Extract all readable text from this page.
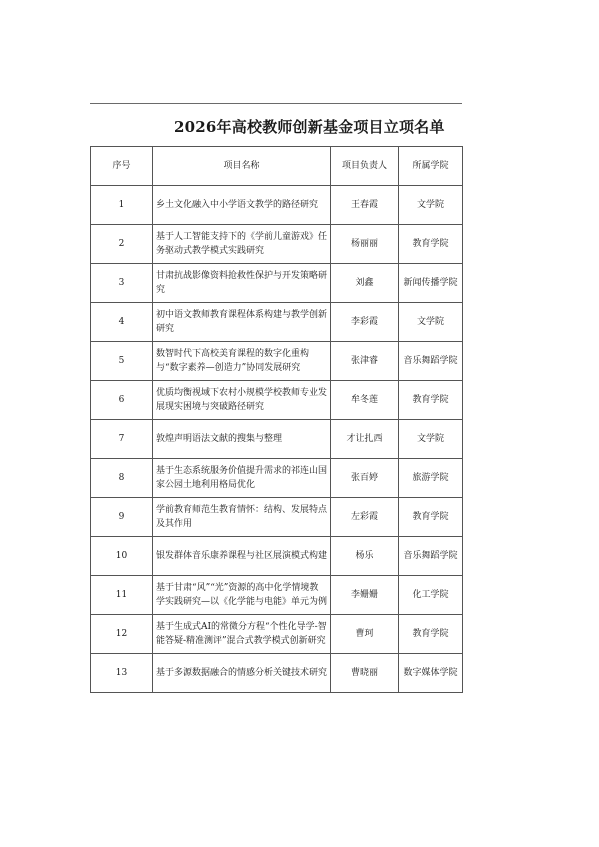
2026年高校教师创新基金项目立项名单
序号	项目名称	项目负责人	所属学院
1	乡土文化融入中小学语文教学的路径研究	王春霞	文学院
2	基于人工智能支持下的《学前儿童游戏》任务驱动式教学模式实践研究	杨丽丽	教育学院
3	甘肃抗战影像资料抢救性保护与开发策略研究	刘鑫	新闻传播学院
4	初中语文教师教育课程体系构建与教学创新研究	李彩霞	文学院
5	数智时代下高校美育课程的数字化重构与“数字素养—创造力”协同发展研究	张津睿	音乐舞蹈学院
6	优质均衡视域下农村小规模学校教师专业发展现实困境与突破路径研究	牟冬莲	教育学院
7	敦煌声明语法文献的搜集与整理	才让扎西	文学院
8	基于生态系统服务价值提升需求的祁连山国家公园土地利用格局优化	张百婷	旅游学院
9	学前教育师范生教育情怀：结构、发展特点及其作用	左彩霞	教育学院
10	银发群体音乐康养课程与社区展演模式构建	杨乐	音乐舞蹈学院
11	基于甘肃“风”“光”资源的高中化学情境教学实践研究—以《化学能与电能》单元为例	李姗姗	化工学院
12	基于生成式AI的常微分方程“个性化导学-智能答疑-精准测评”混合式教学模式创新研究	曹珂	教育学院
13	基于多源数据融合的情感分析关键技术研究	曹晓丽	数字媒体学院
